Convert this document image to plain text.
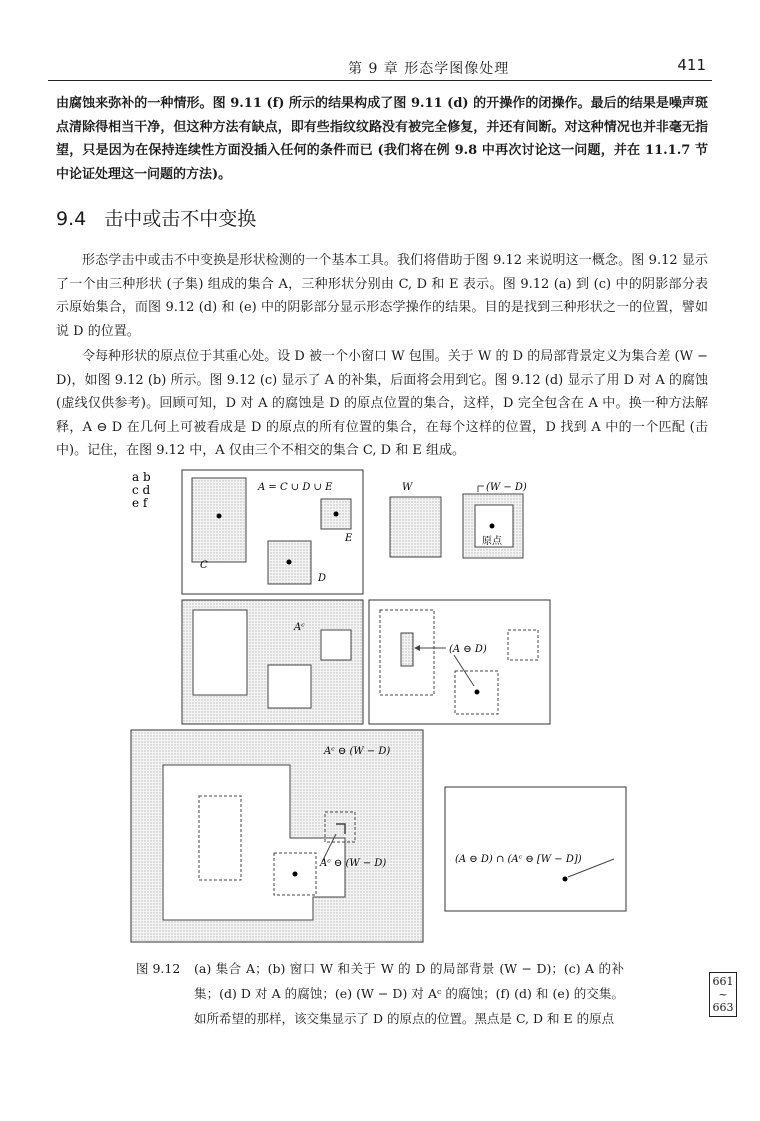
第 9 章 形态学图像处理	411
由腐蚀来弥补的一种情形。图 9.11 (f) 所示的结果构成了图 9.11 (d) 的开操作的闭操作。最后的结果是噪声斑点清除得相当干净，但这种方法有缺点，即有些指纹纹路没有被完全修复，并还有间断。对这种情况也并非毫无指望，只是因为在保持连续性方面没插入任何的条件而已 (我们将在例 9.8 中再次讨论这一问题，并在 11.1.7 节中论证处理这一问题的方法)。
9.4 击中或击不中变换
形态学击中或击不中变换是形状检测的一个基本工具。我们将借助于图 9.12 来说明这一概念。图 9.12 显示了一个由三种形状 (子集) 组成的集合 A，三种形状分别由 C, D 和 E 表示。图 9.12 (a) 到 (c) 中的阴影部分表示原始集合，而图 9.12 (d) 和 (e) 中的阴影部分显示形态学操作的结果。目的是找到三种形状之一的位置，譬如说 D 的位置。
令每种形状的原点位于其重心处。设 D 被一个小窗口 W 包围。关于 W 的 D 的局部背景定义为集合差 (W − D)，如图 9.12 (b) 所示。图 9.12 (c) 显示了 A 的补集，后面将会用到它。图 9.12 (d) 显示了用 D 对 A 的腐蚀 (虚线仅供参考)。回顾可知，D 对 A 的腐蚀是 D 的原点位置的集合，这样，D 完全包含在 A 中。换一种方法解释，A ⊖ D 在几何上可被看成是 D 的原点的所有位置的集合，在每个这样的位置，D 找到 A 中的一个匹配 (击中)。记住，在图 9.12 中，A 仅由三个不相交的集合 C, D 和 E 组成。
a b
c d
e f
A = C ∪ D ∪ E
C
D
E
W	(W − D)
原点
Aᶜ
(A ⊖ D)
Aᶜ ⊖ (W − D)
Aᶜ ⊖ (W − D)	(A ⊖ D) ∩ (Aᶜ ⊖ [W − D])
图 9.12 (a) 集合 A；(b) 窗口 W 和关于 W 的 D 的局部背景 (W − D)；(c) A 的补集；(d) D 对 A 的腐蚀；(e) (W − D) 对 Aᶜ 的腐蚀；(f) (d) 和 (e) 的交集。如所希望的那样，该交集显示了 D 的原点的位置。黑点是 C, D 和 E 的原点
661
~
663
